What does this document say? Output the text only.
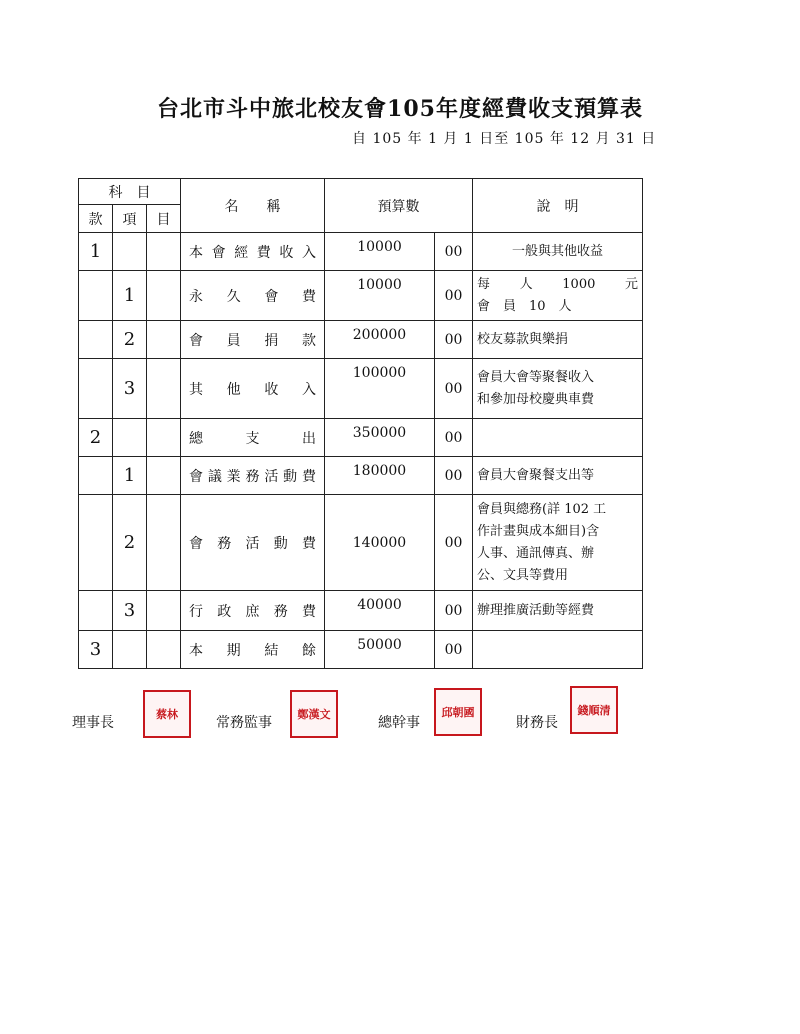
台北市斗中旅北校友會105年度經費收支預算表
自 105 年 1 月 1 日至 105 年 12 月 31 日
科　目			名　　稱	預算數		說　明
款	項	目				
1			本會經費收入	10000	00	一般與其他收益
	1		永久會費	10000	00	每　人　1000　元
會　員　10　人

	2		會員捐款	200000	00	校友募款與樂捐
	3		其他收入	100000	00	會員大會等聚餐收入
和參加母校慶典車費

2			總支出	350000	00	
	1		會議業務活動費	180000	00	會員大會聚餐支出等
	2		會務活動費	140000	00	會員與總務(詳 102 工
作計畫與成本細目)含
人事、通訊傳真、辦
公、文具等費用

	3		行政庶務費	40000	00	辦理推廣活動等經費
3			本期結餘	50000	00	
理事長
蔡林
常務監事
鄭漢文
總幹事
邱朝國
財務長
錢順清
